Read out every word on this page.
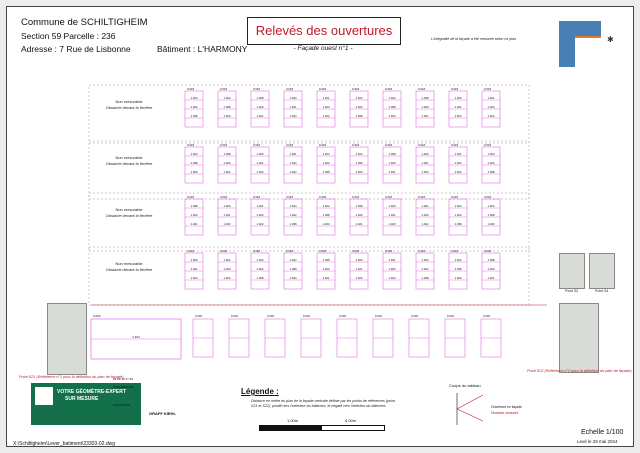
Commune de SCHILTIGHEIM
Section 59 Parcelle : 236
Adresse : 7 Rue de Lisbonne	Bâtiment : L'HARMONY
Relevés des ouvertures
- Façade ouest n°1 -
L'intégralité de la façade a été mesurée selon ce plan	✱
Non mesurable
Obstacle devant la fenêtre
1.403
1.402
1.398
0.018
1.402
1.398
1.400
0.018
1.398
1.400
1.401
0.018
1.400
1.401
1.403
0.018
1.401
1.403
1.402
0.018
1.403
1.402
1.398
0.018
1.402
1.398
1.400
0.018
1.398
1.400
1.401
0.018
1.400
1.401
1.403
0.018
1.401
1.403
1.402
0.018
Non mesurable
Obstacle devant la fenêtre
1.402
1.398
1.400
0.018
1.398
1.400
1.401
0.018
1.400
1.401
1.403
0.018
1.401
1.403
1.402
0.018
1.403
1.402
1.398
0.018
1.402
1.398
1.400
0.018
1.398
1.400
1.401
0.018
1.400
1.401
1.403
0.018
1.401
1.403
1.402
0.018
1.403
1.402
1.398
0.018
Non mesurable
Obstacle devant la fenêtre
1.398
1.400
1.401
0.018
1.400
1.401
1.403
0.018
1.401
1.403
1.402
0.018
1.403
1.402
1.398
0.018
1.402
1.398
1.400
0.018
1.398
1.400
1.401
0.018
1.400
1.401
1.403
0.018
1.401
1.403
1.402
0.018
1.403
1.402
1.398
0.018
1.402
1.398
1.400
0.018
Non mesurable
Obstacle devant la fenêtre
1.400
1.401
1.403
0.018
1.401
1.403
1.402
0.018
1.403
1.402
1.398
0.018
1.402
1.398
1.400
0.018
1.398
1.400
1.401
0.018
1.400
1.401
1.403
0.018
1.401
1.403
1.402
0.018
1.403
1.402
1.398
0.018
1.402
1.398
1.400
0.018
1.398
1.400
1.401
0.018
0.000
1.404
0.002	0.002	0.002	0.002	0.002	0.002	0.002	0.002	0.002
Point S2	Point S4
Point S21 (Référence n°1 pour la définition du plan de façade)
Point S22 (Référence n°2 pour la définition du plan de façade)
VOTRE GÉOMÈTRE-EXPERT
SUR MESURE
03 88 18 77 66
STRASBOURG
HAGUENAU
GRAFF KIEHL
Légende :
Distance en mètre du plan de la façade verticale définie par les points de références (point S21 et S22), positif vers l'extérieur du bâtiment, et négatif vers l'intérieur du bâtiment.
1.00m	0.00m
Coupe du tableau
Ouverture en façade
Distance mesurée
Echelle 1/100
Levé le 29 mai 2024
X:\Schiltigheim\Lever_batiment\23303-02.dwg
